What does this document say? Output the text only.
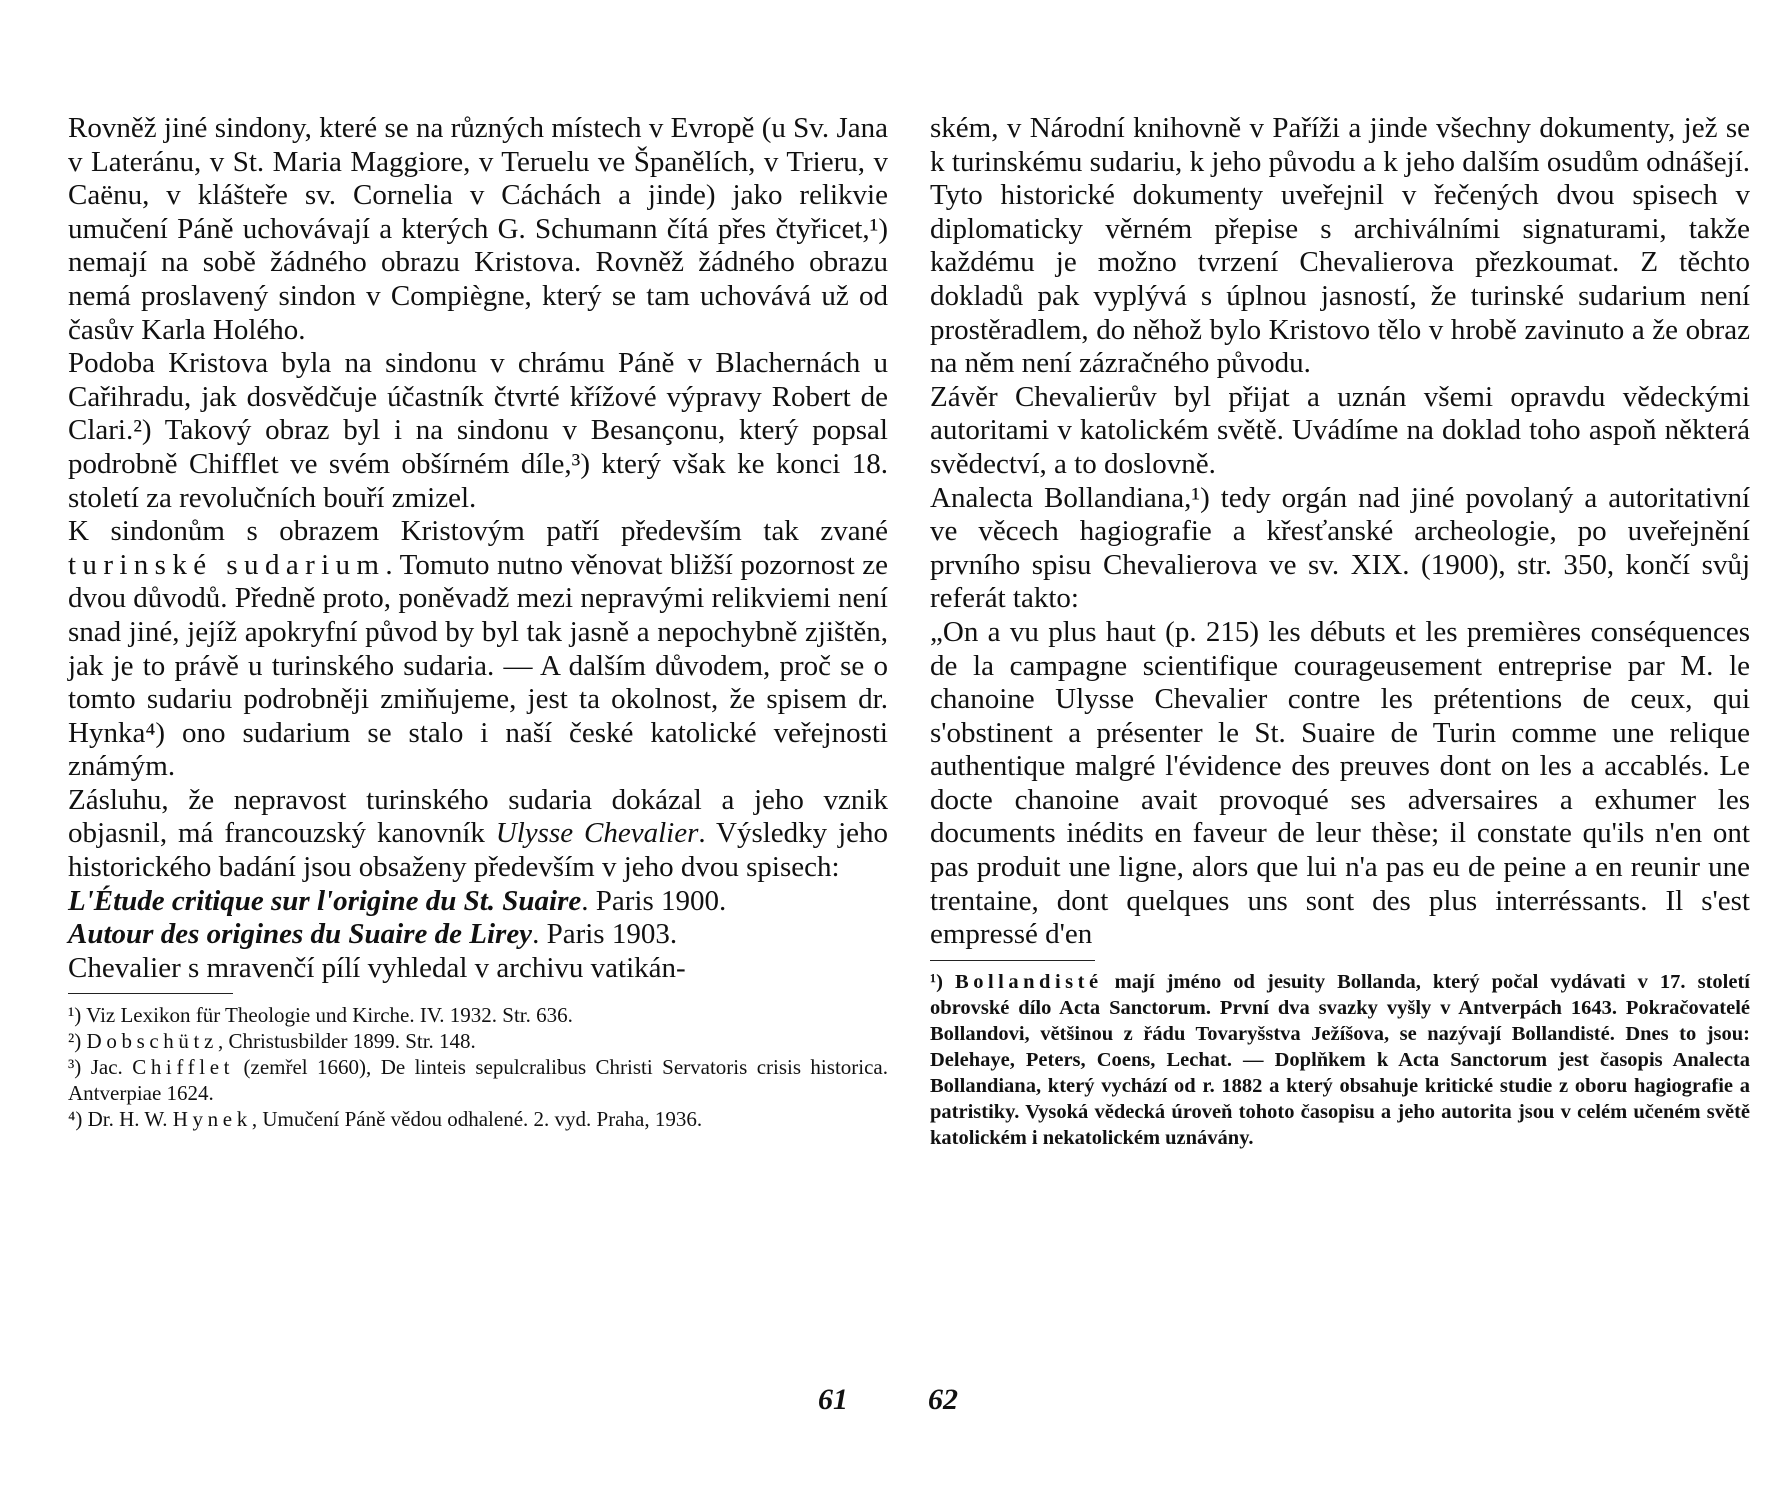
Rovněž jiné sindony, které se na různých místech v Evropě (u Sv. Jana v Lateránu, v St. Maria Maggiore, v Teruelu ve Španělích, v Trieru, v Caënu, v klášteře sv. Cornelia v Cáchách a jinde) jako relikvie umučení Páně uchovávají a kterých G. Schumann čítá přes čtyřicet,¹) nemají na sobě žádného obrazu Kristova. Rovněž žádného obrazu nemá proslavený sindon v Compiègne, který se tam uchovává už od časův Karla Holého.

Podoba Kristova byla na sindonu v chrámu Páně v Blachernách u Cařihradu, jak dosvědčuje účastník čtvrté křížové výpravy Robert de Clari.²) Takový obraz byl i na sindonu v Besançonu, který popsal podrobně Chifflet ve svém obšírném díle,³) který však ke konci 18. století za revolučních bouří zmizel.

K sindonům s obrazem Kristovým patří především tak zvané turinské sudarium. Tomuto nutno věnovat bližší pozornost ze dvou důvodů. Předně proto, poněvadž mezi nepravými relikviemi není snad jiné, jejíž apokryfní původ by byl tak jasně a nepochybně zjištěn, jak je to právě u turinského sudaria. — A dalším důvodem, proč se o tomto sudariu podrobněji zmiňujeme, jest ta okolnost, že spisem dr. Hynka⁴) ono sudarium se stalo i naší české katolické veřejnosti známým.

Zásluhu, že nepravost turinského sudaria dokázal a jeho vznik objasnil, má francouzský kanovník Ulysse Chevalier. Výsledky jeho historického badání jsou obsaženy především v jeho dvou spisech:

L'Étude critique sur l'origine du St. Suaire. Paris 1900.

Autour des origines du Suaire de Lirey. Paris 1903.

Chevalier s mravenčí pílí vyhledal v archivu vatikán-

¹) Viz Lexikon für Theologie und Kirche. IV. 1932. Str. 636.

²) Dobschütz, Christusbilder 1899. Str. 148.

³) Jac. Chifflet (zemřel 1660), De linteis sepulcralibus Christi Servatoris crisis historica. Antverpiae 1624.

⁴) Dr. H. W. Hynek, Umučení Páně vědou odhalené. 2. vyd. Praha, 1936.

ském, v Národní knihovně v Paříži a jinde všechny dokumenty, jež se k turinskému sudariu, k jeho původu a k jeho dalším osudům odnášejí. Tyto historické dokumenty uveřejnil v řečených dvou spisech v diplomaticky věrném přepise s archiválními signaturami, takže každému je možno tvrzení Chevalierova přezkoumat. Z těchto dokladů pak vyplývá s úplnou jasností, že turinské sudarium není prostěradlem, do něhož bylo Kristovo tělo v hrobě zavinuto a že obraz na něm není zázračného původu.

Závěr Chevalierův byl přijat a uznán všemi opravdu vědeckými autoritami v katolickém světě. Uvádíme na doklad toho aspoň některá svědectví, a to doslovně.

Analecta Bollandiana,¹) tedy orgán nad jiné povolaný a autoritativní ve věcech hagiografie a křesťanské archeologie, po uveřejnění prvního spisu Chevalierova ve sv. XIX. (1900), str. 350, končí svůj referát takto:

„On a vu plus haut (p. 215) les débuts et les premières conséquences de la campagne scientifique courageusement entreprise par M. le chanoine Ulysse Chevalier contre les prétentions de ceux, qui s'obstinent a présenter le St. Suaire de Turin comme une relique authentique malgré l'évidence des preuves dont on les a accablés. Le docte chanoine avait provoqué ses adversaires a exhumer les documents inédits en faveur de leur thèse; il constate qu'ils n'en ont pas produit une ligne, alors que lui n'a pas eu de peine a en reunir une trentaine, dont quelques uns sont des plus interréssants. Il s'est empressé d'en

¹) Bollandisté mají jméno od jesuity Bollanda, který počal vydávati v 17. století obrovské dílo Acta Sanctorum. První dva svazky vyšly v Antverpách 1643. Pokračovatelé Bollandovi, většinou z řádu Tovaryšstva Ježíšova, se nazývají Bollandisté. Dnes to jsou: Delehaye, Peters, Coens, Lechat. — Doplňkem k Acta Sanctorum jest časopis Analecta Bollandiana, který vychází od r. 1882 a který obsahuje kritické studie z oboru hagiografie a patristiky. Vysoká vědecká úroveň tohoto časopisu a jeho autorita jsou v celém učeném světě katolickém i nekatolickém uznávány.

61	62
